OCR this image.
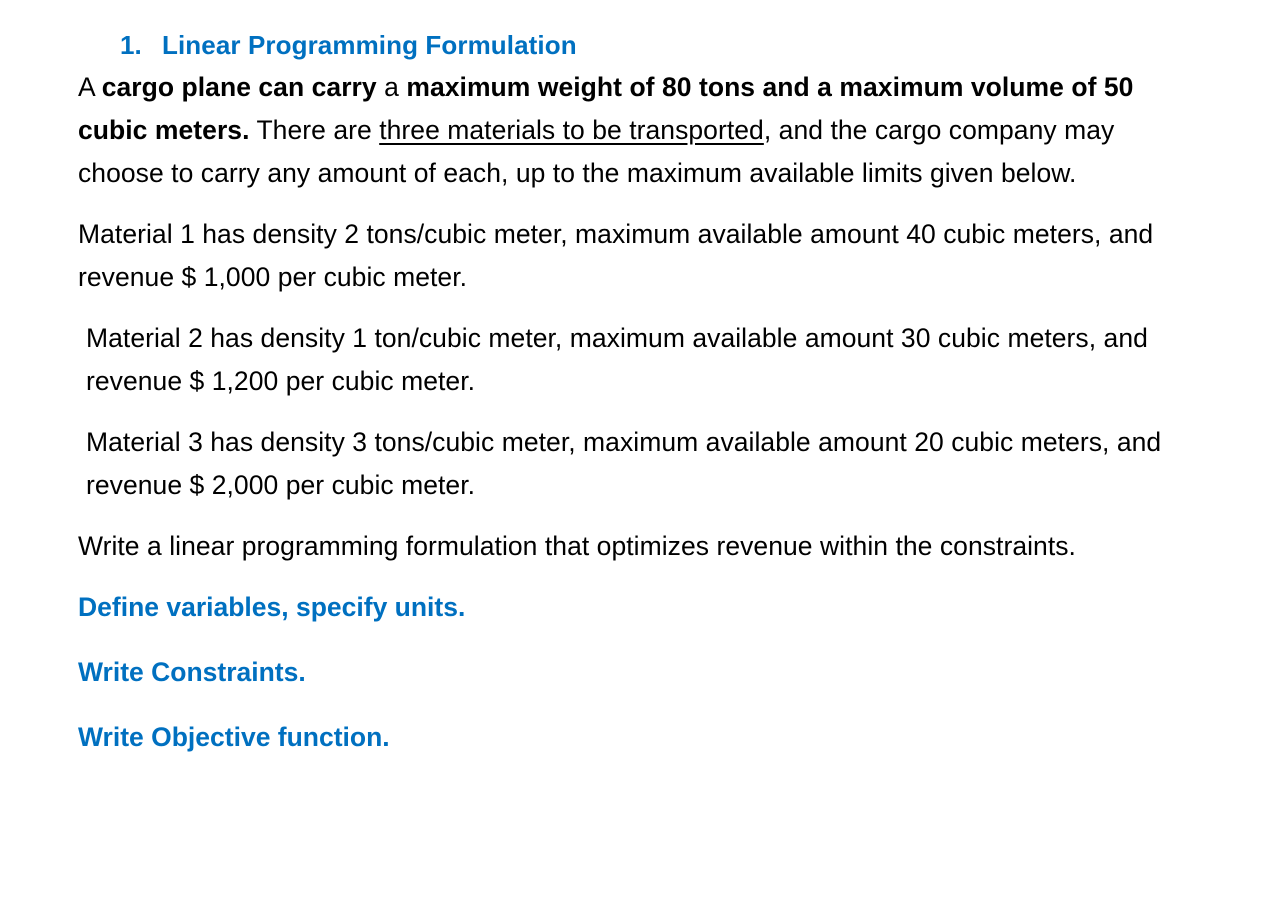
1. Linear Programming Formulation

A cargo plane can carry a maximum weight of 80 tons and a maximum volume of 50 cubic meters. There are three materials to be transported, and the cargo company may choose to carry any amount of each, up to the maximum available limits given below.

Material 1 has density 2 tons/cubic meter, maximum available amount 40 cubic meters, and revenue $ 1,000 per cubic meter.

Material 2 has density 1 ton/cubic meter, maximum available amount 30 cubic meters, and revenue $ 1,200 per cubic meter.

Material 3 has density 3 tons/cubic meter, maximum available amount 20 cubic meters, and revenue $ 2,000 per cubic meter.

Write a linear programming formulation that optimizes revenue within the constraints.

Define variables, specify units.

Write Constraints.

Write Objective function.
